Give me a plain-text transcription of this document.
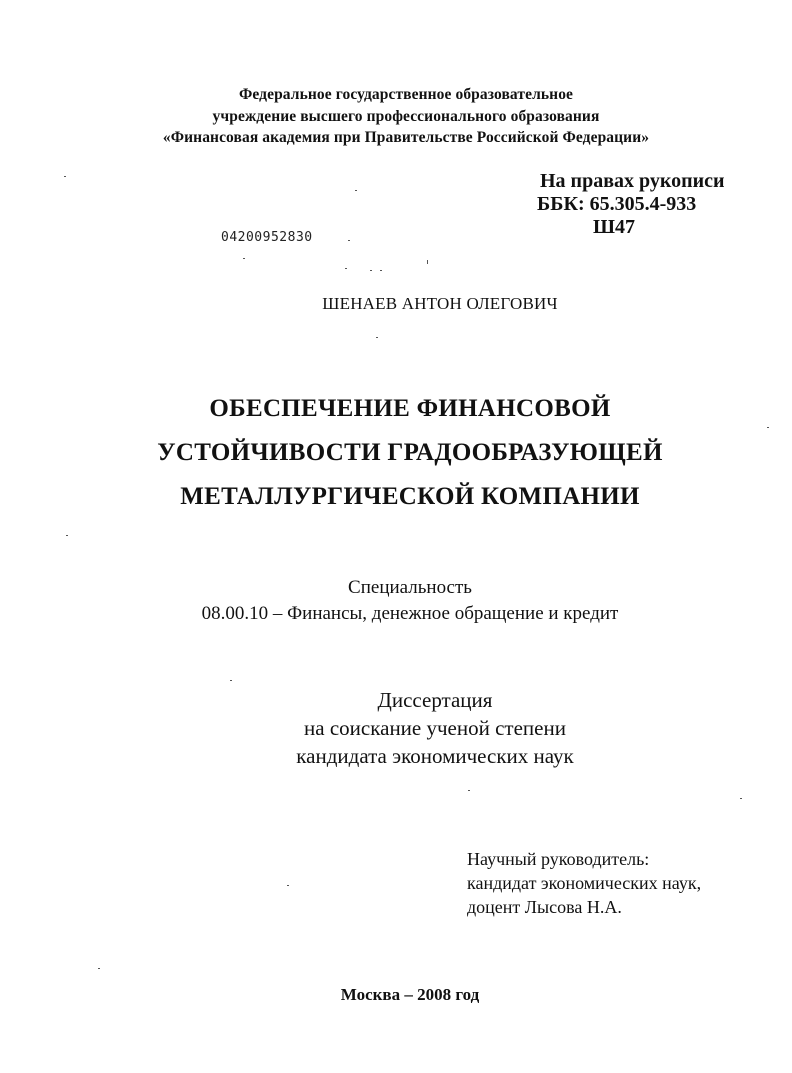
Федеральное государственное образовательное
учреждение высшего профессионального образования
«Финансовая академия при Правительстве Российской Федерации»
На правах рукописи
ББК: 65.305.4-933
Ш47
04200952830
ШЕНАЕВ АНТОН ОЛЕГОВИЧ
ОБЕСПЕЧЕНИЕ ФИНАНСОВОЙ
УСТОЙЧИВОСТИ ГРАДООБРАЗУЮЩЕЙ
МЕТАЛЛУРГИЧЕСКОЙ КОМПАНИИ
Специальность
08.00.10 – Финансы, денежное обращение и кредит
Диссертация
на соискание ученой степени
кандидата экономических наук
Научный руководитель:
кандидат экономических наук,
доцент Лысова Н.А.
Москва – 2008 год
